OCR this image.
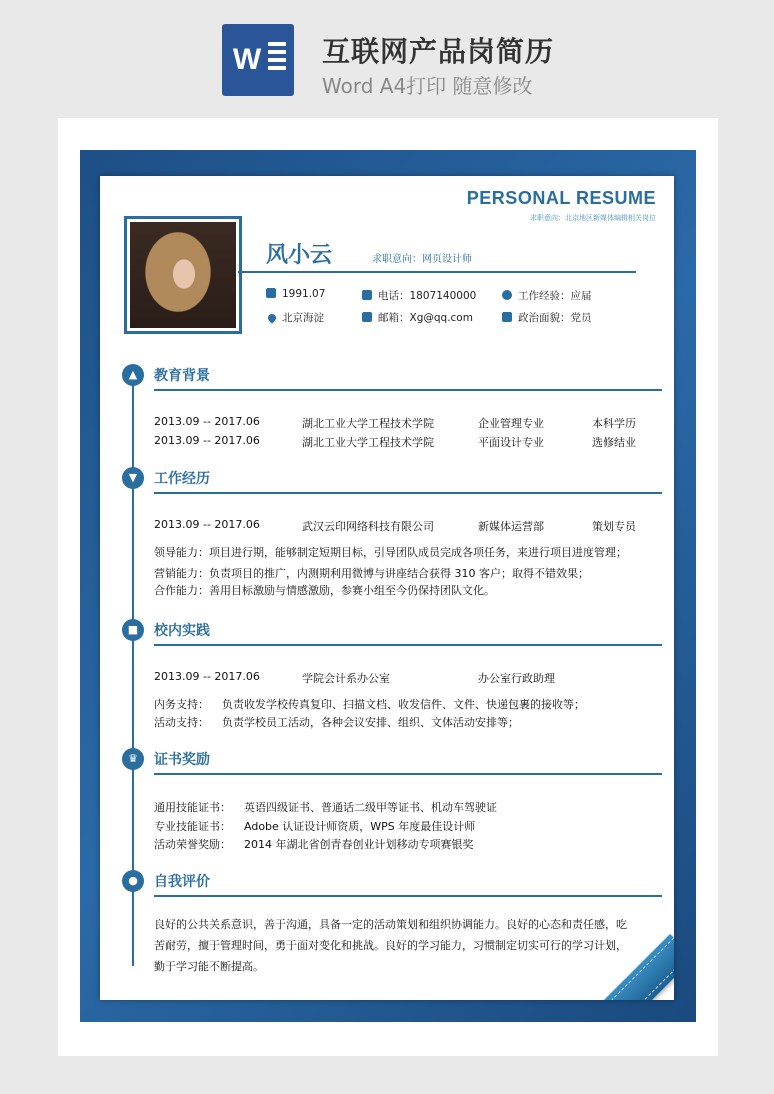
W 互联网产品岗简历
Word A4打印 随意修改
PERSONAL RESUME
求职意向：北京地区新媒体编辑相关岗位
风小云	求职意向：网页设计师
1991.07	电话：1807140000	工作经验：应届
北京海淀	邮箱：Xg@qq.com	政治面貌：党员
▲	教育背景
2013.09 -- 2017.06	湖北工业大学工程技术学院	企业管理专业	本科学历
2013.09 -- 2017.06	湖北工业大学工程技术学院	平面设计专业	选修结业
▼	工作经历
2013.09 -- 2017.06	武汉云印网络科技有限公司	新媒体运营部	策划专员
领导能力：项目进行期，能够制定短期目标，引导团队成员完成各项任务，来进行项目进度管理；
营销能力：负责项目的推广，内测期利用微博与讲座结合获得 310 客户；取得不错效果；
合作能力：善用目标激励与情感激励，参赛小组至今仍保持团队文化。
■	校内实践
2013.09 -- 2017.06	学院会计系办公室	办公室行政助理
内务支持： 负责收发学校传真复印、扫描文档、收发信件、文件、快递包裹的接收等；
活动支持： 负责学校员工活动，各种会议安排、组织、文体活动安排等；
♛	证书奖励
通用技能证书： 英语四级证书、普通话二级甲等证书、机动车驾驶证
专业技能证书： Adobe 认证设计师资质，WPS 年度最佳设计师
活动荣誉奖励： 2014 年湖北省创青春创业计划移动专项赛银奖
●	自我评价
良好的公共关系意识，善于沟通，具备一定的活动策划和组织协调能力。良好的心态和责任感，吃苦耐劳，擅于管理时间，勇于面对变化和挑战。良好的学习能力，习惯制定切实可行的学习计划，勤于学习能不断提高。
